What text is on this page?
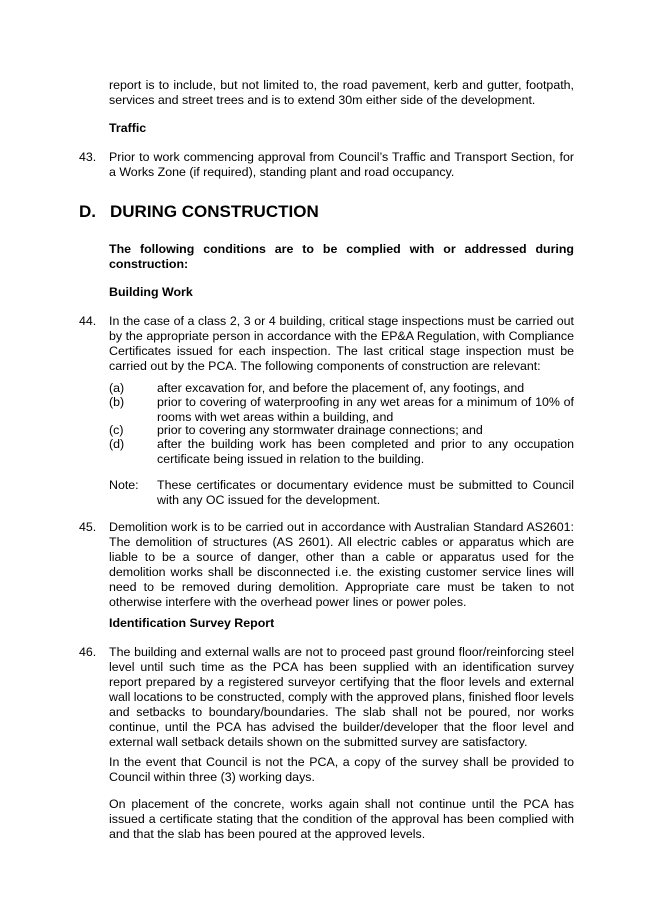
report is to include, but not limited to, the road pavement, kerb and gutter, footpath, services and street trees and is to extend 30m either side of the development.
Traffic
43. Prior to work commencing approval from Council’s Traffic and Transport Section, for a Works Zone (if required), standing plant and road occupancy.
D. DURING CONSTRUCTION
The following conditions are to be complied with or addressed during construction:
Building Work
44. In the case of a class 2, 3 or 4 building, critical stage inspections must be carried out by the appropriate person in accordance with the EP&A Regulation, with Compliance Certificates issued for each inspection. The last critical stage inspection must be carried out by the PCA. The following components of construction are relevant:
(a)	after excavation for, and before the placement of, any footings, and
(b)	prior to covering of waterproofing in any wet areas for a minimum of 10% of rooms with wet areas within a building, and
(c)	prior to covering any stormwater drainage connections; and
(d)	after the building work has been completed and prior to any occupation certificate being issued in relation to the building.
Note: These certificates or documentary evidence must be submitted to Council with any OC issued for the development.
45. Demolition work is to be carried out in accordance with Australian Standard AS2601: The demolition of structures (AS 2601). All electric cables or apparatus which are liable to be a source of danger, other than a cable or apparatus used for the demolition works shall be disconnected i.e. the existing customer service lines will need to be removed during demolition. Appropriate care must be taken to not otherwise interfere with the overhead power lines or power poles.
Identification Survey Report
46. The building and external walls are not to proceed past ground floor/reinforcing steel level until such time as the PCA has been supplied with an identification survey report prepared by a registered surveyor certifying that the floor levels and external wall locations to be constructed, comply with the approved plans, finished floor levels and setbacks to boundary/boundaries. The slab shall not be poured, nor works continue, until the PCA has advised the builder/developer that the floor level and external wall setback details shown on the submitted survey are satisfactory.
In the event that Council is not the PCA, a copy of the survey shall be provided to Council within three (3) working days.
On placement of the concrete, works again shall not continue until the PCA has issued a certificate stating that the condition of the approval has been complied with and that the slab has been poured at the approved levels.
